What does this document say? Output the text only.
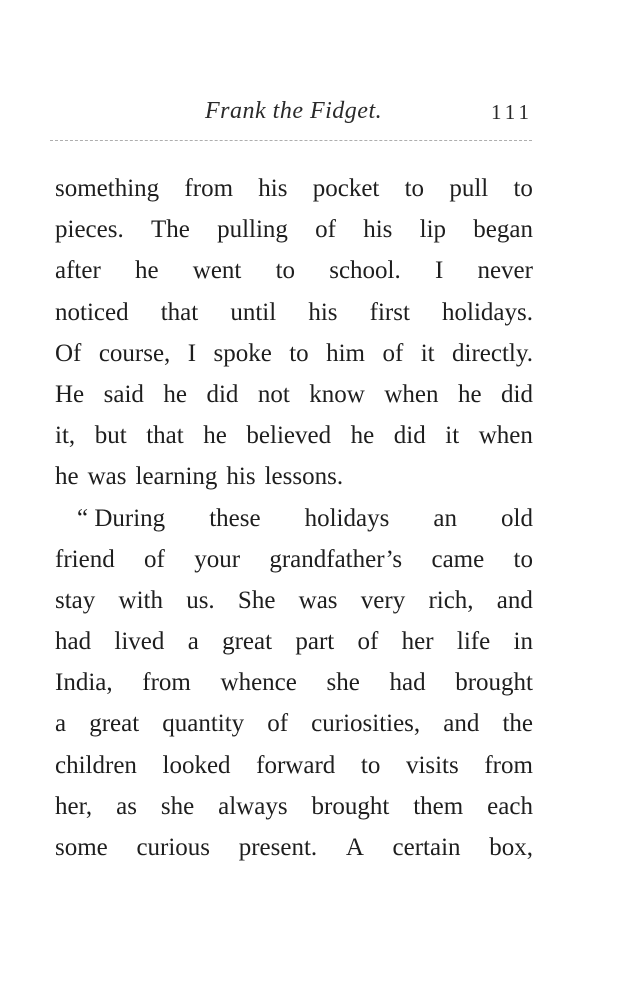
Frank the Fidget.	111
something from his pocket to pull to
pieces. The pulling of his lip began
after he went to school. I never
noticed that until his first holidays.
Of course, I spoke to him of it directly.
He said he did not know when he did
it, but that he believed he did it when
he was learning his lessons.
“ During these holidays an old
friend of your grandfather’s came to
stay with us. She was very rich, and
had lived a great part of her life in
India, from whence she had brought
a great quantity of curiosities, and the
children looked forward to visits from
her, as she always brought them each
some curious present. A certain box,
